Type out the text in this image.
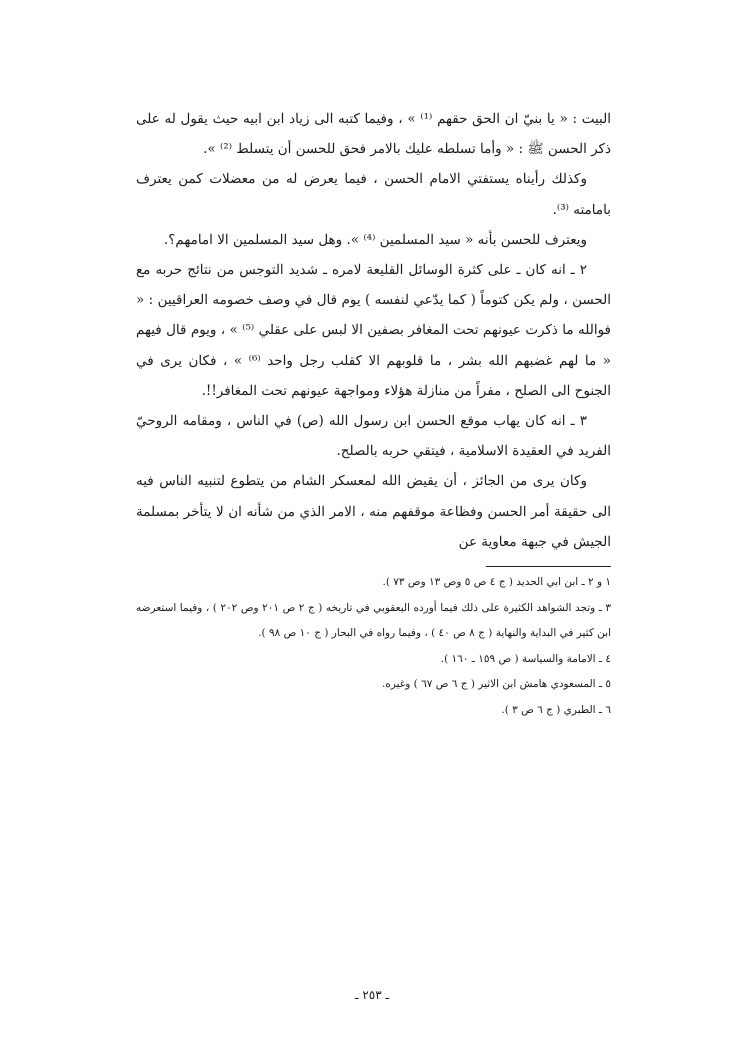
البيت : « يا بنيّ ان الحق حقهم ⁽¹⁾ » ، وفيما كتبه الى زياد ابن ابيه حيث يقول له على ذكر الحسن ﷺ : « وأما تسلطه عليك بالامر فحق للحسن أن يتسلط ⁽²⁾ ».

وكذلك رأيناه يستفتي الامام الحسن ، فيما يعرض له من معضلات كمن يعترف بامامته ⁽³⁾.

ويعترف للحسن بأنه « سيد المسلمين ⁽⁴⁾ ». وهل سيد المسلمين الا امامهم؟.

٢ ـ انه كان ـ على كثرة الوسائل القليعة لامره ـ شديد التوجس من نتائج حربه مع الحسن ، ولم يكن كتوماً ( كما يدّعي لنفسه ) يوم قال في وصف خصومه العراقيين : « فوالله ما ذكرت عيونهم تحت المغافر بصفين الا لبس على عقلي ⁽⁵⁾ » ، ويوم قال فيهم « ما لهم غضبهم الله بشر ، ما قلوبهم الا كقلب رجل واحد ⁽⁶⁾ » ، فكان يرى في الجنوح الى الصلح ، مفراً من منازلة هؤلاء ومواجهة عيونهم تحت المغافر!!.

٣ ـ انه كان يهاب موقع الحسن ابن رسول الله (ص) في الناس ، ومقامه الروحيّ الفريد في العقيدة الاسلامية ، فيتقي حربه بالصلح.

وكان يرى من الجائز ، أن يقيض الله لمعسكر الشام من يتطوع لتنبيه الناس فيه الى حقيقة أمر الحسن وفظاعة موقفهم منه ، الامر الذي من شأنه ان لا يتأخر بمسلمة الجيش في جبهة معاوية عن

١ و ٢ ـ ابن ابي الحديد ( ج ٤ ص ٥ وص ١٣ وص ٧٣ ).

٣ ـ وتجد الشواهد الكثيرة على ذلك فيما أورده اليعقوبي في تاريخه ( ج ٢ ص ٢٠١ وص ٢٠٢ ) ، وفيما استعرضه ابن كثير في البداية والنهاية ( ج ٨ ص ٤٠ ) ، وفيما رواه في البحار ( ج ١٠ ص ٩٨ ).

٤ ـ الامامة والسياسة ( ص ١٥٩ ـ ١٦٠ ).

٥ ـ المسعودي هامش ابن الاثير ( ج ٦ ص ٦٧ ) وغيره.

٦ ـ الطبري ( ج ٦ ص ٣ ).

ـ ٢٥٣ ـ
